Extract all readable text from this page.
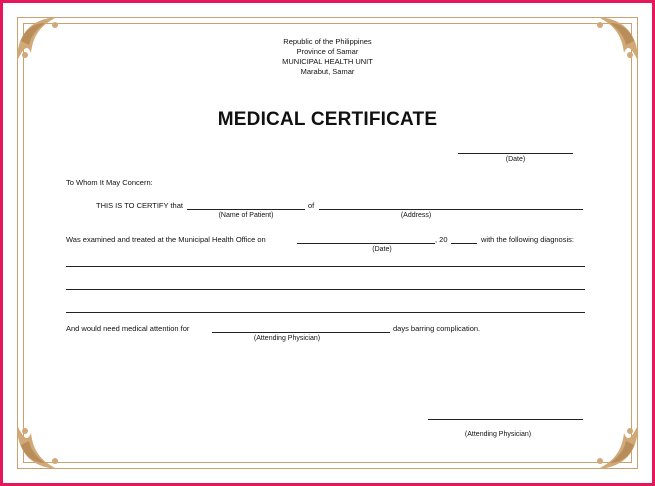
Republic of the Philippines
Province of Samar
MUNICIPAL HEALTH UNIT
Marabut, Samar
MEDICAL CERTIFICATE
(Date)
To Whom It May Concern:
THIS IS TO CERTIFY that	of
(Name of Patient)	(Address)
Was examined and treated at the Municipal Health Office on	, 20	with the following diagnosis:
(Date)
And would need medical attention for	days barring complication.
(Attending Physician)
(Attending Physician)
